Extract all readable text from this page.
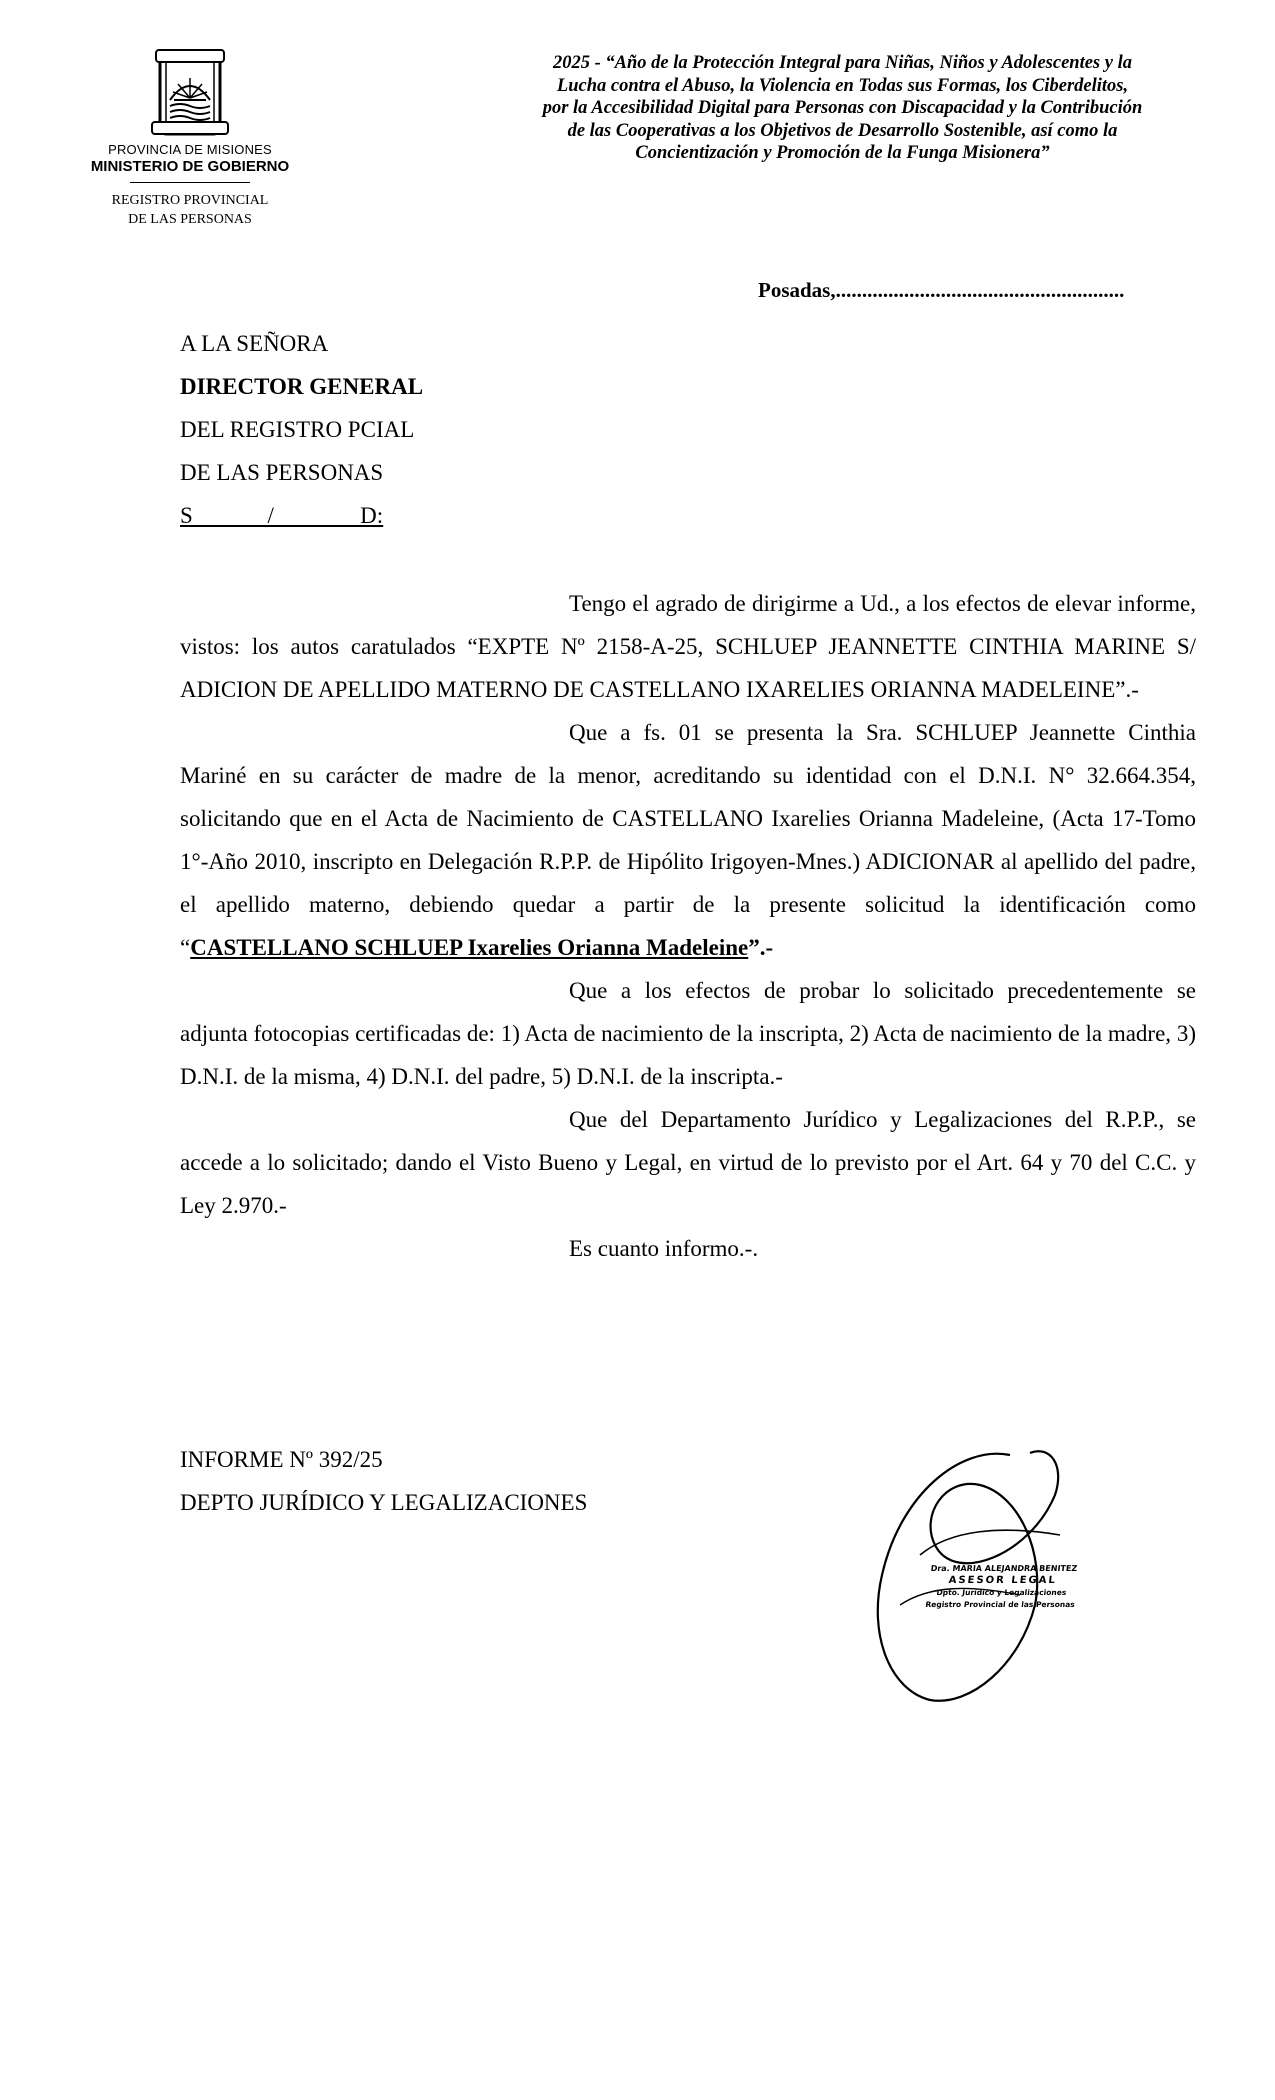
PROVINCIA DE MISIONES
MINISTERIO DE GOBIERNO
REGISTRO PROVINCIAL
DE LAS PERSONAS
2025 - “Año de la Protección Integral para Niñas, Niños y Adolescentes y la
Lucha contra el Abuso, la Violencia en Todas sus Formas, los Ciberdelitos,
por la Accesibilidad Digital para Personas con Discapacidad y la Contribución
de las Cooperativas a los Objetivos de Desarrollo Sostenible, así como la
Concientización y Promoción de la Funga Misionera”
Posadas,.......................................................
A LA SEÑORA
DIRECTOR GENERAL
DEL REGISTRO PCIAL
DE LAS PERSONAS
S             /               D:

Tengo el agrado de dirigirme a Ud., a los efectos de elevar informe, vistos: los autos caratulados “EXPTE Nº 2158-A-25, SCHLUEP JEANNETTE CINTHIA MARINE S/ ADICION DE APELLIDO MATERNO DE CASTELLANO IXARELIES ORIANNA MADELEINE”.-

Que a fs. 01 se presenta la Sra. SCHLUEP Jeannette Cinthia Mariné en su carácter de madre de la menor, acreditando su identidad con el D.N.I. N° 32.664.354, solicitando que en el Acta de Nacimiento de CASTELLANO Ixarelies Orianna Madeleine, (Acta 17-Tomo 1°-Año 2010, inscripto en Delegación R.P.P. de Hipólito Irigoyen-Mnes.) ADICIONAR al apellido del padre, el apellido materno, debiendo quedar a partir de la presente solicitud la identificación como “CASTELLANO SCHLUEP Ixarelies Orianna Madeleine”.-

Que a los efectos de probar lo solicitado precedentemente se adjunta fotocopias certificadas de: 1) Acta de nacimiento de la inscripta, 2) Acta de nacimiento de la madre, 3) D.N.I. de la misma, 4) D.N.I. del padre, 5) D.N.I. de la inscripta.-

Que del Departamento Jurídico y Legalizaciones del R.P.P., se accede a lo solicitado; dando el Visto Bueno y Legal, en virtud de lo previsto por el Art. 64 y 70 del C.C. y Ley 2.970.-

Es cuanto informo.-.

INFORME Nº 392/25
DEPTO JURÍDICO Y LEGALIZACIONES
Dra. MARIA ALEJANDRA BENITEZ
ASESOR LEGAL
Dpto. Jurídico y Legalizaciones
Registro Provincial de las Personas
